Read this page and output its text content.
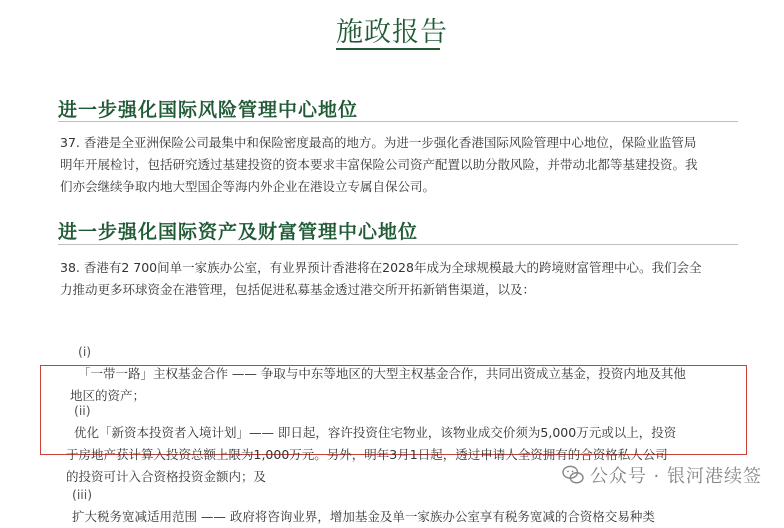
施政报告
进一步强化国际风险管理中心地位

37. 香港是全亚洲保险公司最集中和保险密度最高的地方。为进一步强化香港国际风险管理中心地位，保险业监管局
明年开展检讨，包括研究透过基建投资的资本要求丰富保险公司资产配置以助分散风险，并带动北都等基建投资。我
们亦会继续争取内地大型国企等海内外企业在港设立专属自保公司。

进一步强化国际资产及财富管理中心地位

38. 香港有2 700间单一家族办公室，有业界预计香港将在2028年成为全球规模最大的跨境财富管理中心。我们会全
力推动更多环球资金在港管理，包括促进私募基金透过港交所开拓新销售渠道，以及：

(i)
「一带一路」主权基金合作 —— 争取与中东等地区的大型主权基金合作，共同出资成立基金，投资内地及其他
地区的资产；

(ii)
优化「新资本投资者入境计划」—— 即日起，容许投资住宅物业，该物业成交价须为5,000万元或以上，投资
于房地产获计算入投资总额上限为1,000万元。另外，明年3月1日起，透过申请人全资拥有的合资格私人公司
的投资可计入合资格投资金额内；及

(iii)
扩大税务宽减适用范围 —— 政府将咨询业界，增加基金及单一家族办公室享有税务宽减的合资格交易种类

公众号 · 银河港续签
